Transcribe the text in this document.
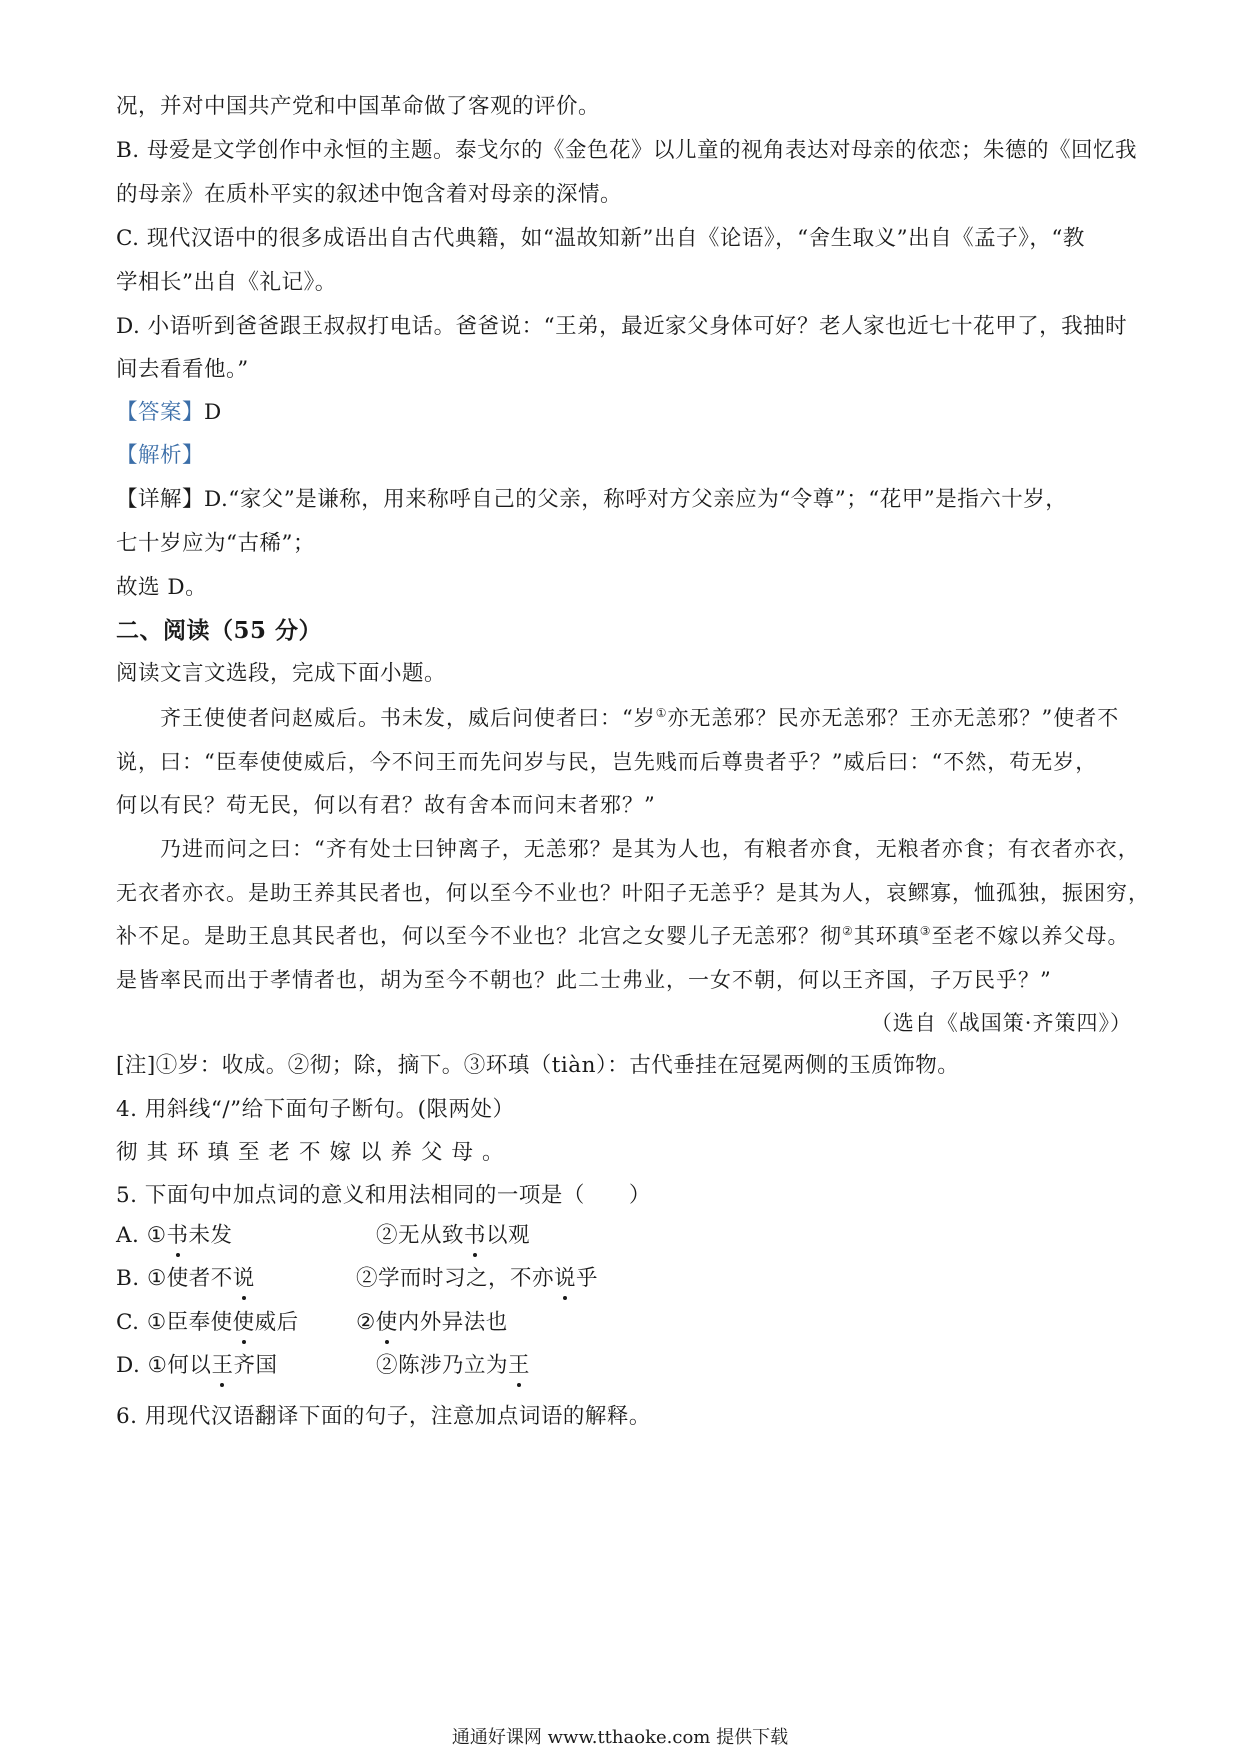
况，并对中国共产党和中国革命做了客观的评价。

B. 母爱是文学创作中永恒的主题。泰戈尔的《金色花》以儿童的视角表达对母亲的依恋；朱德的《回忆我

的母亲》在质朴平实的叙述中饱含着对母亲的深情。

C. 现代汉语中的很多成语出自古代典籍，如“温故知新”出自《论语》，“舍生取义”出自《孟子》，“教

学相长”出自《礼记》。

D. 小语听到爸爸跟王叔叔打电话。爸爸说：“王弟，最近家父身体可好？老人家也近七十花甲了，我抽时

间去看看他。”

【答案】D

【解析】

【详解】D.“家父”是谦称，用来称呼自己的父亲，称呼对方父亲应为“令尊”；“花甲”是指六十岁，

七十岁应为“古稀”；

故选 D。

二、阅读（55 分）

阅读文言文选段，完成下面小题。

齐王使使者问赵威后。书未发，威后问使者曰：“岁①亦无恙邪？民亦无恙邪？王亦无恙邪？”使者不

说，曰：“臣奉使使威后，今不问王而先问岁与民，岂先贱而后尊贵者乎？”威后曰：“不然，苟无岁，

何以有民？苟无民，何以有君？故有舍本而问末者邪？”

乃进而问之曰：“齐有处士曰钟离子，无恙邪？是其为人也，有粮者亦食，无粮者亦食；有衣者亦衣，

无衣者亦衣。是助王养其民者也，何以至今不业也？叶阳子无恙乎？是其为人，哀鳏寡，恤孤独，振困穷，

补不足。是助王息其民者也，何以至今不业也？北宫之女婴儿子无恙邪？彻②其环瑱③至老不嫁以养父母。

是皆率民而出于孝情者也，胡为至今不朝也？此二士弗业，一女不朝，何以王齐国，子万民乎？”

（选自《战国策·齐策四》）

[注]①岁：收成。②彻；除，摘下。③环瑱（tiàn）：古代垂挂在冠冕两侧的玉质饰物。

4. 用斜线“/”给下面句子断句。(限两处）

彻其环瑱至老不嫁以养父母。

5. 下面句中加点词的意义和用法相同的一项是（　　）

A. ①书未发	②无从致书以观

B. ①使者不说	②学而时习之，不亦说乎

C. ①臣奉使使威后	②使内外异法也

D. ①何以王齐国	②陈涉乃立为王

6. 用现代汉语翻译下面的句子，注意加点词语的解释。

通通好课网 www.tthaoke.com 提供下载
